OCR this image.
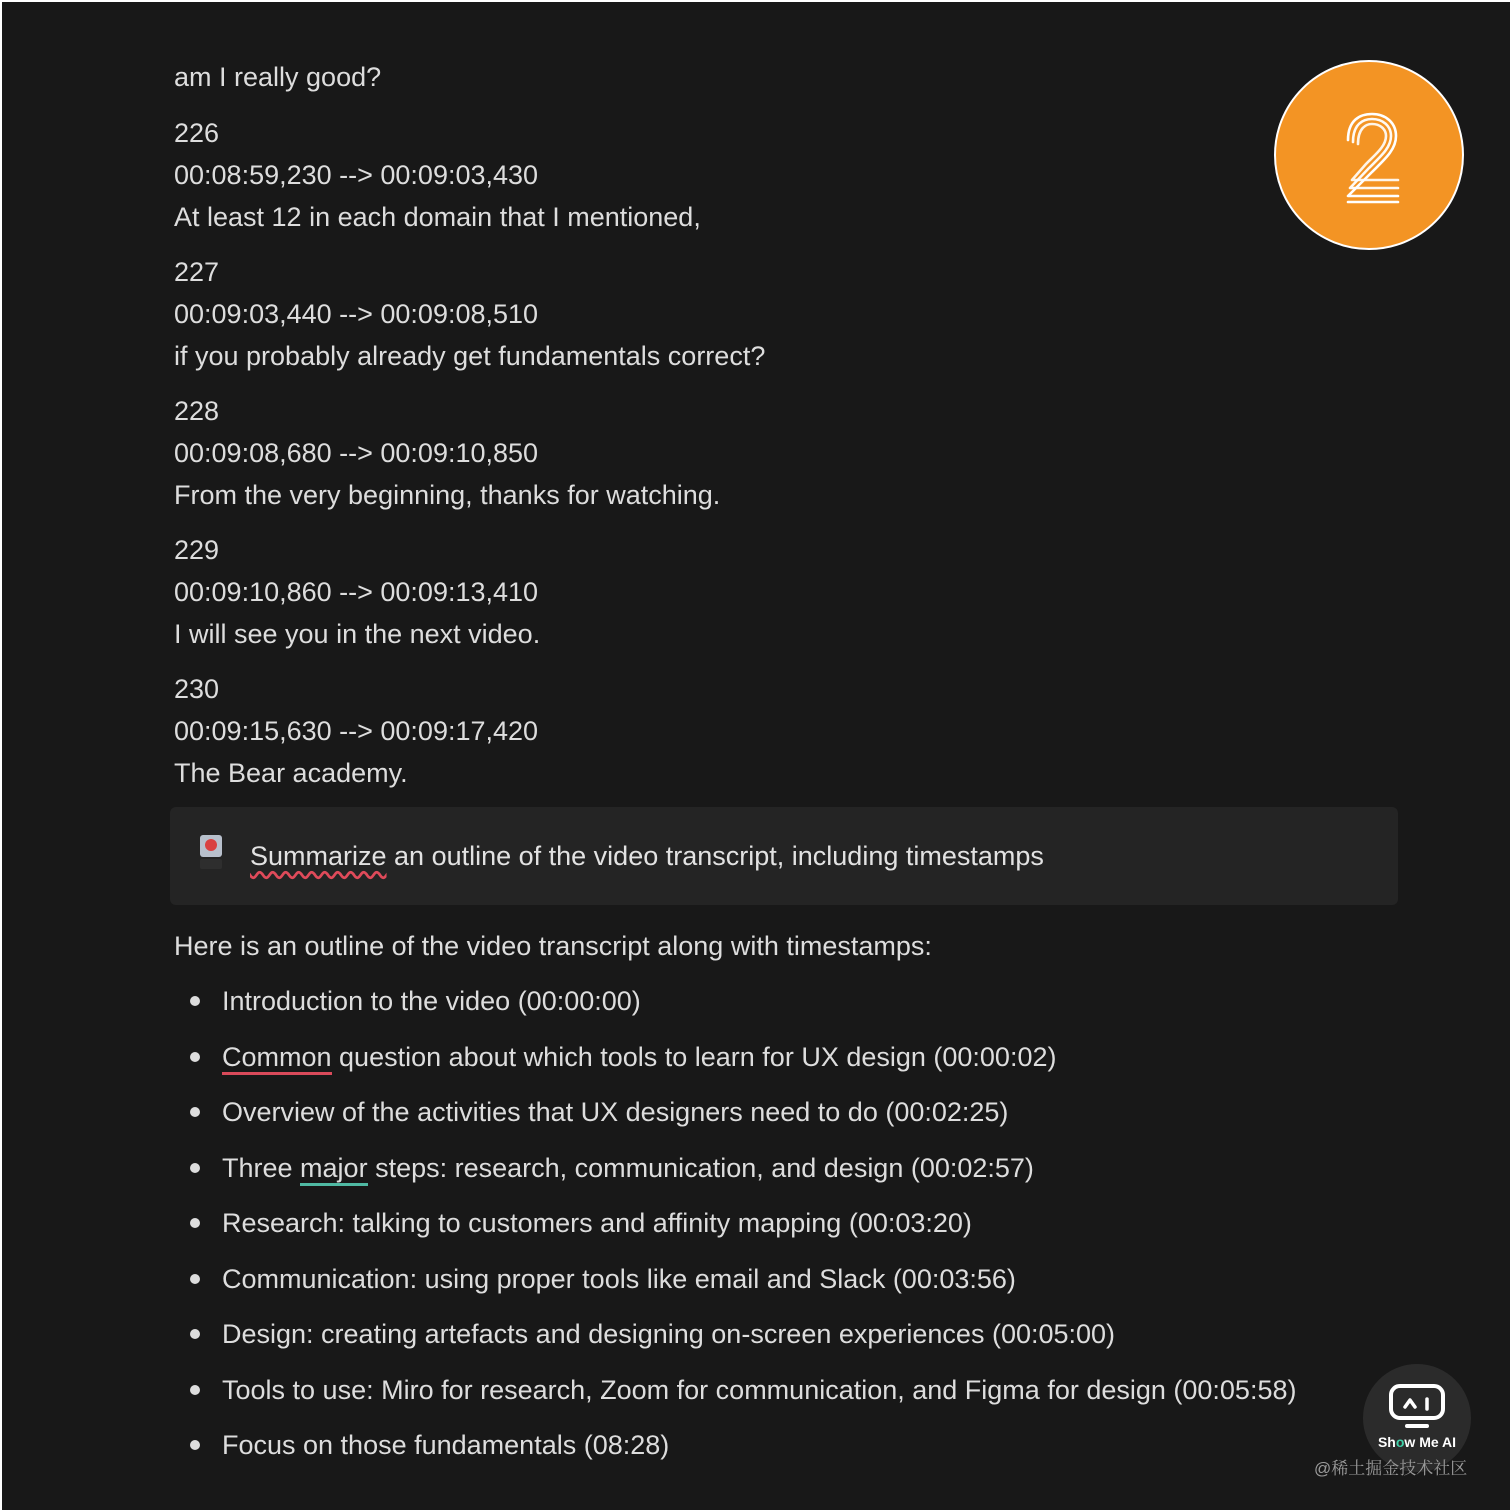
am I really good?
226
00:08:59,230 --> 00:09:03,430
At least 12 in each domain that I mentioned,
227
00:09:03,440 --> 00:09:08,510
if you probably already get fundamentals correct?
228
00:09:08,680 --> 00:09:10,850
From the very beginning, thanks for watching.
229
00:09:10,860 --> 00:09:13,410
I will see you in the next video.
230
00:09:15,630 --> 00:09:17,420
The Bear academy.
Summarize an outline of the video transcript, including timestamps
Here is an outline of the video transcript along with timestamps:
Introduction to the video (00:00:00)
Common question about which tools to learn for UX design (00:00:02)
Overview of the activities that UX designers need to do (00:02:25)
Three major steps: research, communication, and design (00:02:57)
Research: talking to customers and affinity mapping (00:03:20)
Communication: using proper tools like email and Slack (00:03:56)
Design: creating artefacts and designing on-screen experiences (00:05:00)
Tools to use: Miro for research, Zoom for communication, and Figma for design (00:05:58)
Focus on those fundamentals (08:28)	Show Me AI
@稀土掘金技术社区
